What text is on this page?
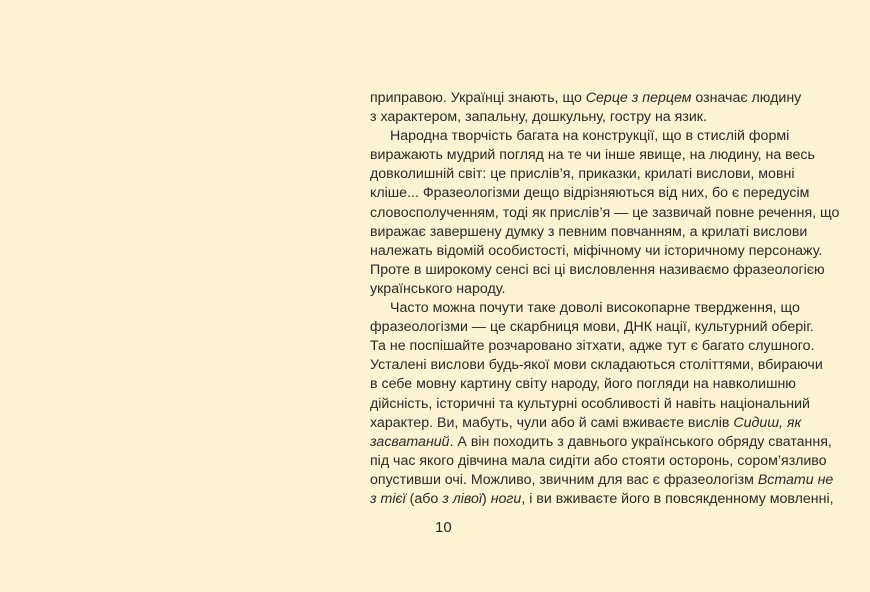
приправою. Українці знають, що Серце з перцем означає людину
з характером, запальну, дошкульну, гостру на язик.
Народна творчість багата на конструкції, що в стислій формі
виражають мудрий погляд на те чи інше явище, на людину, на весь
довколишній світ: це прислів’я, приказки, крилаті вислови, мовні
кліше... Фразеологізми дещо відрізняються від них, бо є передусім
словосполученням, тоді як прислів’я — це зазвичай повне речення, що
виражає завершену думку з певним повчанням, а крилаті вислови
належать відомій особистості, міфічному чи історичному персонажу.
Проте в широкому сенсі всі ці висловлення називаємо фразеологією
українського народу.
Часто можна почути таке доволі високопарне твердження, що
фразеологізми — це скарбниця мови, ДНК нації, культурний оберіг.
Та не поспішайте розчаровано зітхати, адже тут є багато слушного.
Усталені вислови будь-якої мови складаються століттями, вбираючи
в себе мовну картину світу народу, його погляди на навколишню
дійсність, історичні та культурні особливості й навіть національний
характер. Ви, мабуть, чули або й самі вживаєте вислів Сидиш, як
засватаний. А він походить з давнього українського обряду сватання,
під час якого дівчина мала сидіти або стояти осторонь, сором’язливо
опустивши очі. Можливо, звичним для вас є фразеологізм Встати не
з тієї (або з лівої) ноги, і ви вживаєте його в повсякденному мовленні,
10
